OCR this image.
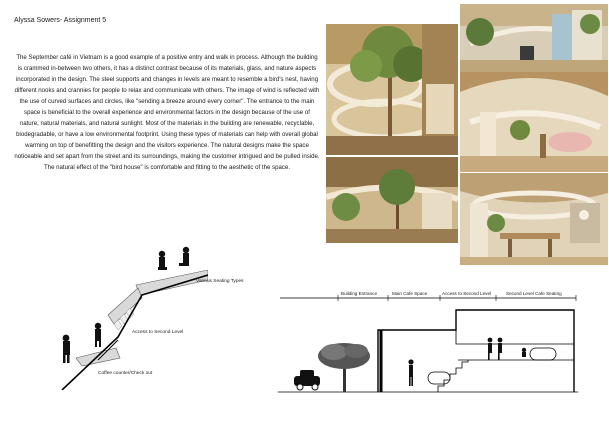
Alyssa Sowers- Assignment 5
The September café in Vietnam is a good example of a positive entry and walk in process. Although the building is crammed in-between two others, it has a distinct contrast because of its materials, glass, and nature aspects incorporated in the design. The steel supports and changes in levels are meant to resemble a bird's nest, having different nooks and crannies for people to relax and communicate with others. The image of wind is reflected with the use of curved surfaces and circles, like "sending a breeze around every corner". The entrance to the main space is beneficial to the overall experience and environmental factors in the design because of the use of nature, natural materials, and natural sunlight. Most of the materials in the building are renewable, recyclable, biodegradable, or have a low environmental footprint. Using these types of materials can help with overall global warming on top of benefitting the design and the visitors experience. The natural designs make the space noticeable and set apart from the street and its surroundings, making the customer intrigued and be pulled inside. The natural effect of the "bird house" is comfortable and fitting to the aesthetic of the space.
Various Seating Types
Access to Second Level
Coffee counter/Check out
Building Entrance	Main Cafe Space	Access to Second Level	Second Level Cafe Seating
